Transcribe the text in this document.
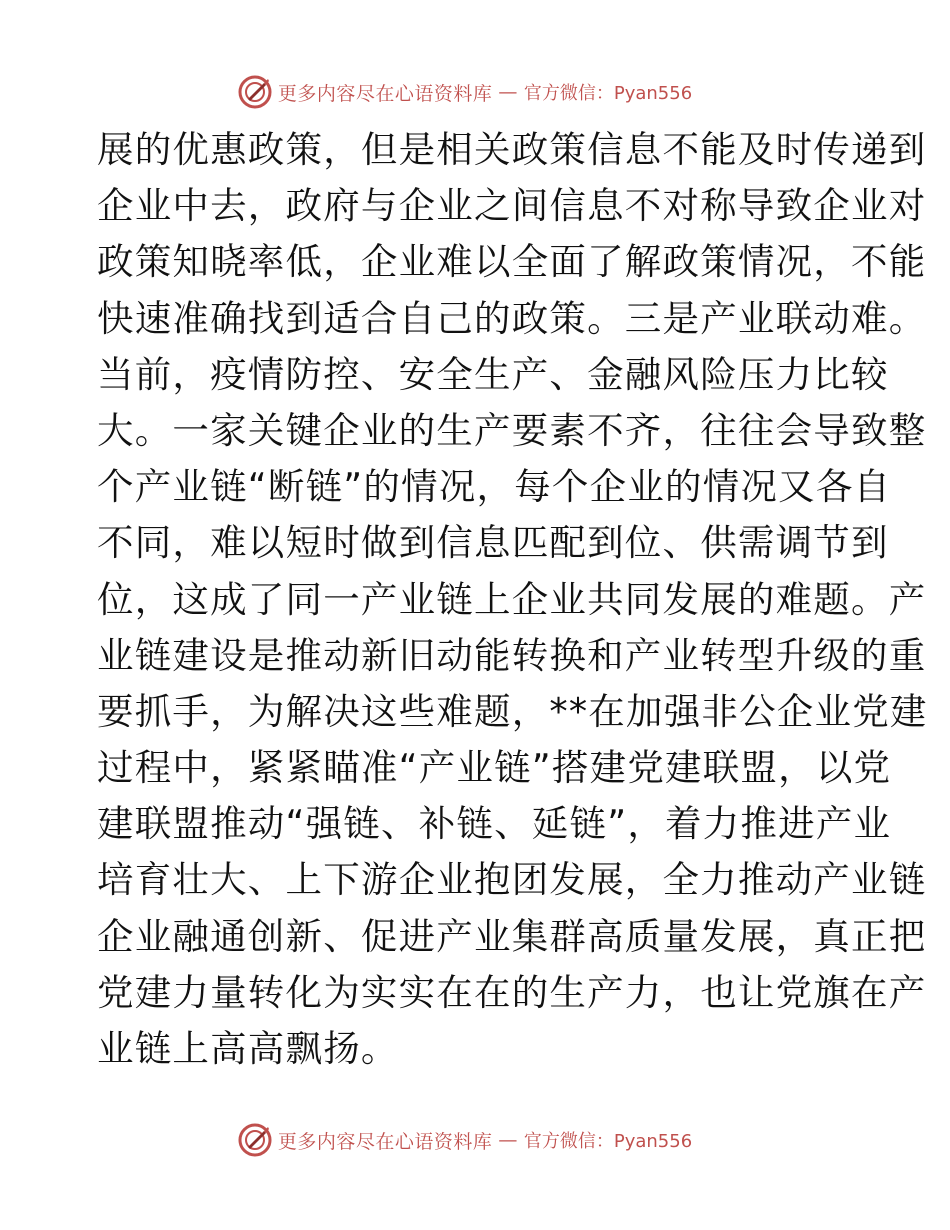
更多内容尽在心语资料库 — 官方微信：Pyan556
展的优惠政策，但是相关政策信息不能及时传递到
企业中去，政府与企业之间信息不对称导致企业对
政策知晓率低，企业难以全面了解政策情况，不能
快速准确找到适合自己的政策。三是产业联动难。
当前，疫情防控、安全生产、金融风险压力比较
大。一家关键企业的生产要素不齐，往往会导致整
个产业链“断链”的情况，每个企业的情况又各自
不同，难以短时做到信息匹配到位、供需调节到
位，这成了同一产业链上企业共同发展的难题。产
业链建设是推动新旧动能转换和产业转型升级的重
要抓手，为解决这些难题，**在加强非公企业党建
过程中，紧紧瞄准“产业链”搭建党建联盟，以党
建联盟推动“强链、补链、延链”，着力推进产业
培育壮大、上下游企业抱团发展，全力推动产业链
企业融通创新、促进产业集群高质量发展，真正把
党建力量转化为实实在在的生产力，也让党旗在产
业链上高高飘扬。
更多内容尽在心语资料库 — 官方微信：Pyan556
